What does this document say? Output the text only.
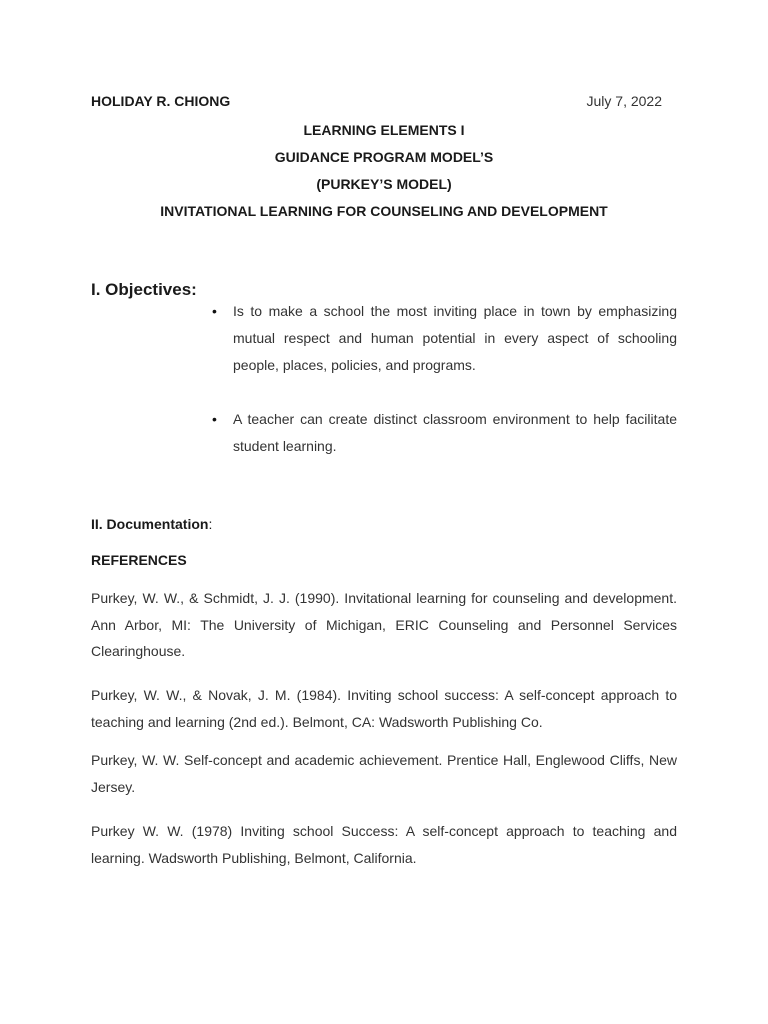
HOLIDAY R. CHIONG	July 7, 2022
LEARNING ELEMENTS I
GUIDANCE PROGRAM MODEL’S
(PURKEY’S MODEL)
INVITATIONAL LEARNING FOR COUNSELING AND DEVELOPMENT
I. Objectives:
• Is to make a school the most inviting place in town by emphasizing mutual respect and human potential in every aspect of schooling people, places, policies, and programs.
• A teacher can create distinct classroom environment to help facilitate student learning.
II. Documentation:
REFERENCES
Purkey, W. W., & Schmidt, J. J. (1990). Invitational learning for counseling and development. Ann Arbor, MI: The University of Michigan, ERIC Counseling and Personnel Services Clearinghouse.
Purkey, W. W., & Novak, J. M. (1984). Inviting school success: A self-concept approach to teaching and learning (2nd ed.). Belmont, CA: Wadsworth Publishing Co.
Purkey, W. W. Self-concept and academic achievement. Prentice Hall, Englewood Cliffs, New Jersey.
Purkey W. W. (1978) Inviting school Success: A self-concept approach to teaching and learning. Wadsworth Publishing, Belmont, California.
